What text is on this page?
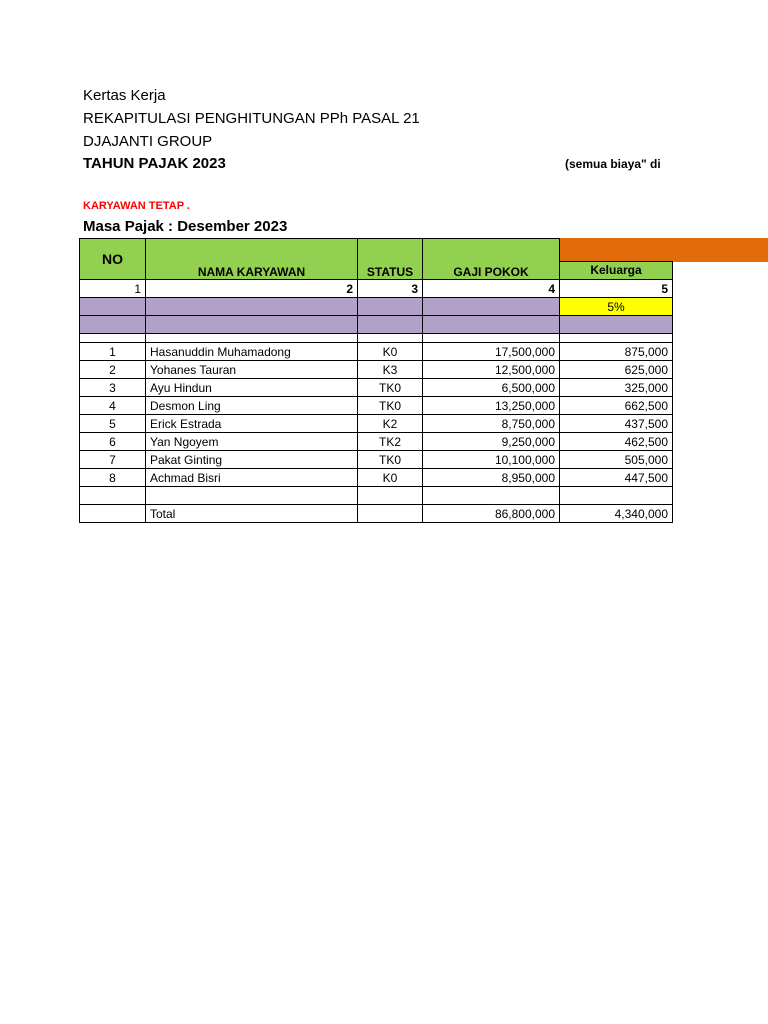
Kertas Kerja
REKAPITULASI PENGHITUNGAN PPh PASAL 21
DJAJANTI GROUP
TAHUN PAJAK 2023	(semua biaya" di
KARYAWAN TETAP .
Masa Pajak : Desember 2023
NO	NAMA KARYAWAN	STATUS	GAJI POKOK	
				Keluarga
1	2	3	4	5
				5%

1	Hasanuddin Muhamadong	K0	17,500,000	875,000
2	Yohanes Tauran	K3	12,500,000	625,000
3	Ayu Hindun	TK0	6,500,000	325,000
4	Desmon Ling	TK0	13,250,000	662,500
5	Erick Estrada	K2	8,750,000	437,500
6	Yan Ngoyem	TK2	9,250,000	462,500
7	Pakat Ginting	TK0	10,100,000	505,000
8	Achmad Bisri	K0	8,950,000	447,500

	Total		86,800,000	4,340,000
